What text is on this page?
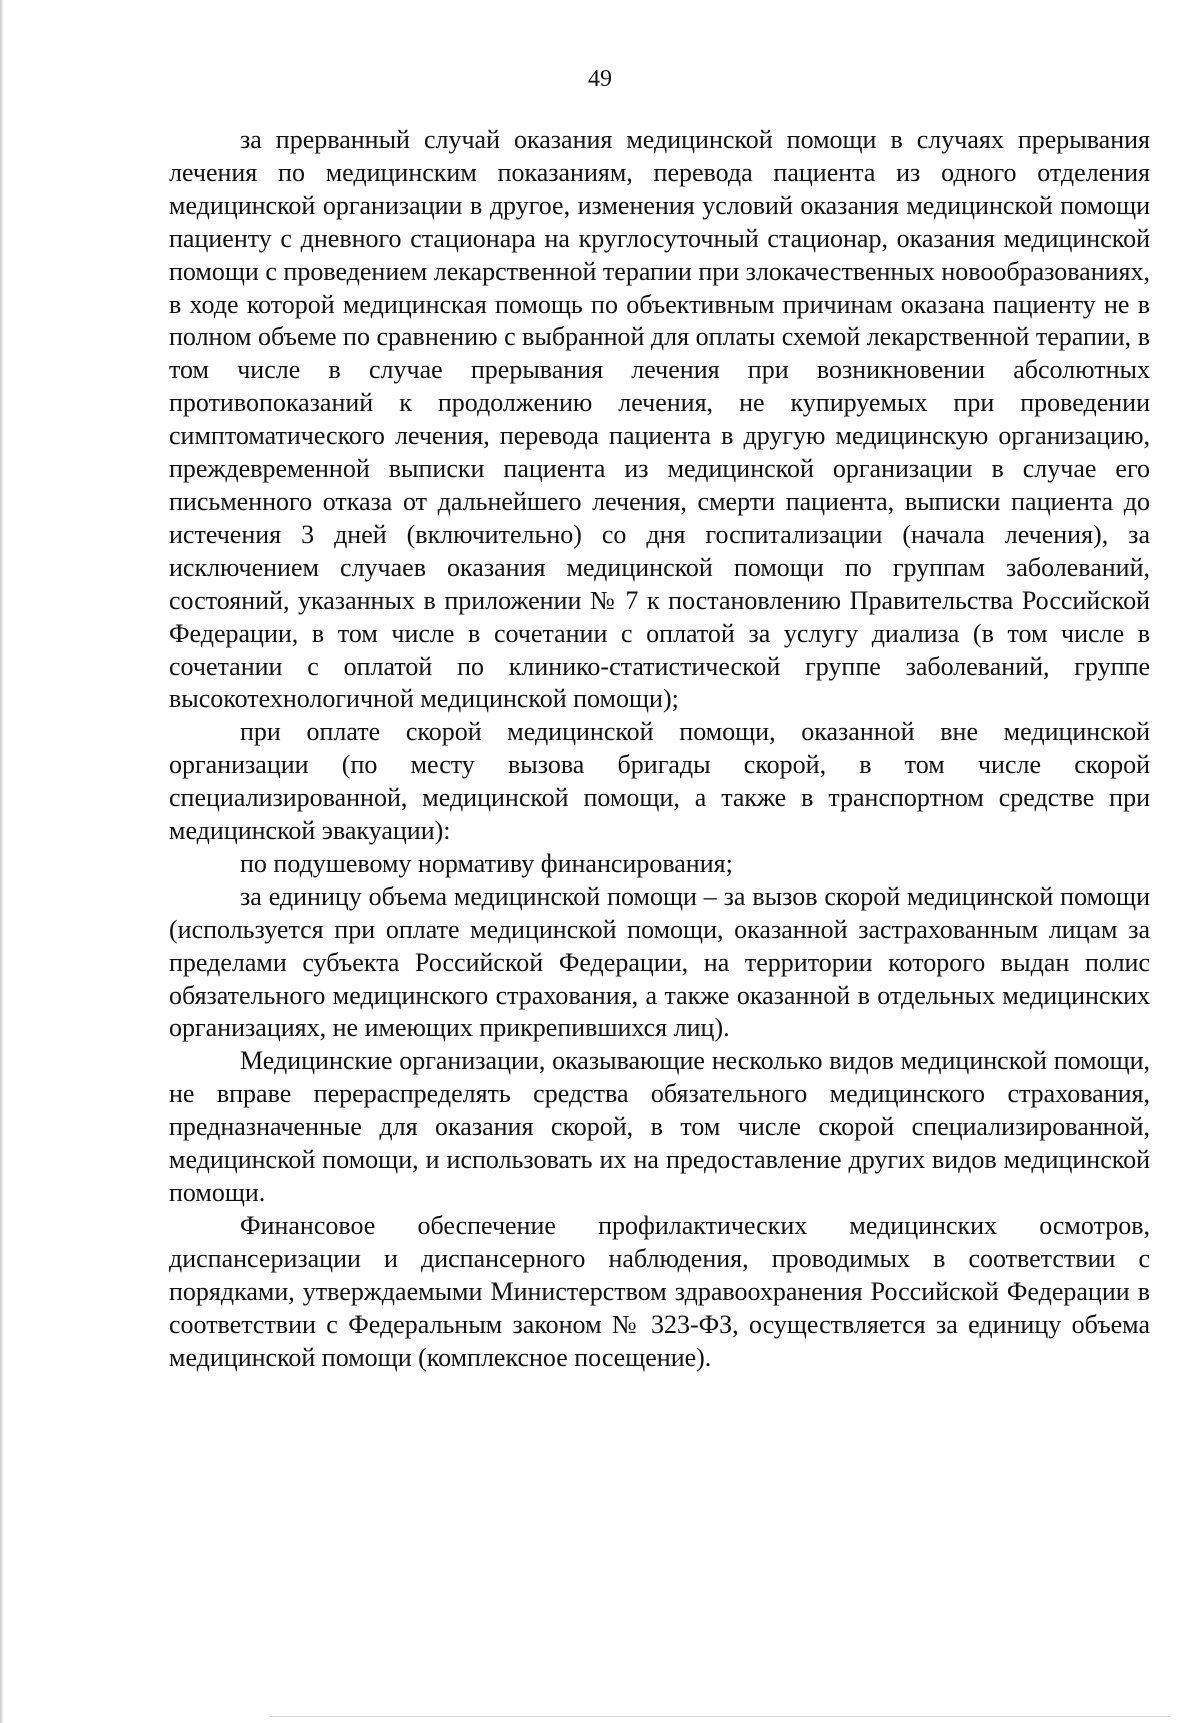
49

за прерванный случай оказания медицинской помощи в случаях прерывания лечения по медицинским показаниям, перевода пациента из одного отделения медицинской организации в другое, изменения условий оказания медицинской помощи пациенту с дневного стационара на круглосуточный стационар, оказания медицинской помощи с проведением лекарственной терапии при злокачественных новообразованиях, в ходе которой медицинская помощь по объективным причинам оказана пациенту не в полном объеме по сравнению с выбранной для оплаты схемой лекарственной терапии, в том числе в случае прерывания лечения при возникновении абсолютных противопоказаний к продолжению лечения, не купируемых при проведении симптоматического лечения, перевода пациента в другую медицинскую организацию, преждевременной выписки пациента из медицинской организации в случае его письменного отказа от дальнейшего лечения, смерти пациента, выписки пациента до истечения 3 дней (включительно) со дня госпитализации (начала лечения), за исключением случаев оказания медицинской помощи по группам заболеваний, состояний, указанных в приложении № 7 к постановлению Правительства Российской Федерации, в том числе в сочетании с оплатой за услугу диализа (в том числе в сочетании с оплатой по клинико-статистической группе заболеваний, группе высокотехнологичной медицинской помощи);

при оплате скорой медицинской помощи, оказанной вне медицинской организации (по месту вызова бригады скорой, в том числе скорой специализированной, медицинской помощи, а также в транспортном средстве при медицинской эвакуации):

по подушевому нормативу финансирования;

за единицу объема медицинской помощи – за вызов скорой медицинской помощи (используется при оплате медицинской помощи, оказанной застрахованным лицам за пределами субъекта Российской Федерации, на территории которого выдан полис обязательного медицинского страхования, а также оказанной в отдельных медицинских организациях, не имеющих прикрепившихся лиц).

Медицинские организации, оказывающие несколько видов медицинской помощи, не вправе перераспределять средства обязательного медицинского страхования, предназначенные для оказания скорой, в том числе скорой специализированной, медицинской помощи, и использовать их на предоставление других видов медицинской помощи.

Финансовое обеспечение профилактических медицинских осмотров, диспансеризации и диспансерного наблюдения, проводимых в соответствии с порядками, утверждаемыми Министерством здравоохранения Российской Федерации в соответствии с Федеральным законом № 323-ФЗ, осуществляется за единицу объема медицинской помощи (комплексное посещение).
